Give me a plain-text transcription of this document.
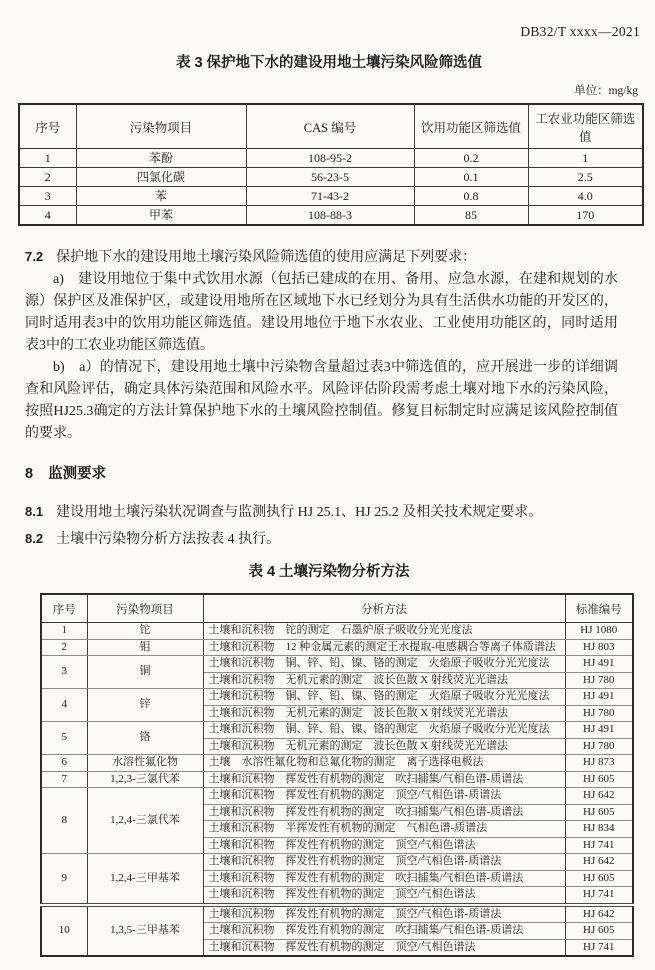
DB32/T xxxx—2021
表 3 保护地下水的建设用地土壤污染风险筛选值
单位：mg/kg
序号	污染物项目	CAS 编号	饮用功能区筛选值	工农业功能区筛选值
1	苯酚	108-95-2	0.2	1
2	四氯化碳	56-23-5	0.1	2.5
3	苯	71-43-2	0.8	4.0
4	甲苯	108-88-3	85	170

7.2 保护地下水的建设用地土壤污染风险筛选值的使用应满足下列要求：

a)　建设用地位于集中式饮用水源（包括已建成的在用、备用、应急水源，在建和规划的水源）保护区及准保护区，或建设用地所在区域地下水已经划分为具有生活供水功能的开发区的，同时适用表3中的饮用功能区筛选值。建设用地位于地下水农业、工业使用功能区的，同时适用表3中的工农业功能区筛选值。

b)　a）的情况下，建设用地土壤中污染物含量超过表3中筛选值的，应开展进一步的详细调查和风险评估，确定具体污染范围和风险水平。风险评估阶段需考虑土壤对地下水的污染风险，按照HJ25.3确定的方法计算保护地下水的土壤风险控制值。修复目标制定时应满足该风险控制值的要求。

8 监测要求

8.1 建设用地土壤污染状况调查与监测执行 HJ 25.1、HJ 25.2 及相关技术规定要求。

8.2 土壤中污染物分析方法按表 4 执行。

表 4 土壤污染物分析方法
序号	污染物项目	分析方法	标准编号
1	铊	土壤和沉积物　铊的测定　石墨炉原子吸收分光光度法	HJ 1080
2	钼	土壤和沉积物　12 种金属元素的测定王水提取-电感耦合等离子体质谱法	HJ 803
3	铜	土壤和沉积物　铜、锌、铅、镍、铬的测定　火焰原子吸收分光光度法	HJ 491
		土壤和沉积物　无机元素的测定　波长色散 X 射线荧光光谱法	HJ 780
4	锌	土壤和沉积物　铜、锌、铅、镍、铬的测定　火焰原子吸收分光光度法	HJ 491
		土壤和沉积物　无机元素的测定　波长色散 X 射线荧光光谱法	HJ 780
5	铬	土壤和沉积物　铜、锌、铅、镍、铬的测定　火焰原子吸收分光光度法	HJ 491
		土壤和沉积物　无机元素的测定　波长色散 X 射线荧光光谱法	HJ 780
6	水溶性氟化物	土壤　水溶性氟化物和总氟化物的测定　离子选择电极法	HJ 873
7	1,2,3-三氯代苯	土壤和沉积物　挥发性有机物的测定　吹扫捕集/气相色谱-质谱法	HJ 605
8	1,2,4-三氯代苯	土壤和沉积物　挥发性有机物的测定　顶空/气相色谱-质谱法	HJ 642
		土壤和沉积物　挥发性有机物的测定　吹扫捕集/气相色谱-质谱法	HJ 605
		土壤和沉积物　半挥发性有机物的测定　气相色谱-质谱法	HJ 834
		土壤和沉积物　挥发性有机物的测定　顶空/气相色谱法	HJ 741
9	1,2,4-三甲基苯	土壤和沉积物　挥发性有机物的测定　顶空/气相色谱-质谱法	HJ 642
		土壤和沉积物　挥发性有机物的测定　吹扫捕集/气相色谱-质谱法	HJ 605
		土壤和沉积物　挥发性有机物的测定　顶空/气相色谱法	HJ 741
10	1,3,5-三甲基苯	土壤和沉积物　挥发性有机物的测定　顶空/气相色谱-质谱法	HJ 642
		土壤和沉积物　挥发性有机物的测定　吹扫捕集/气相色谱-质谱法	HJ 605
		土壤和沉积物　挥发性有机物的测定　顶空/气相色谱法	HJ 741
